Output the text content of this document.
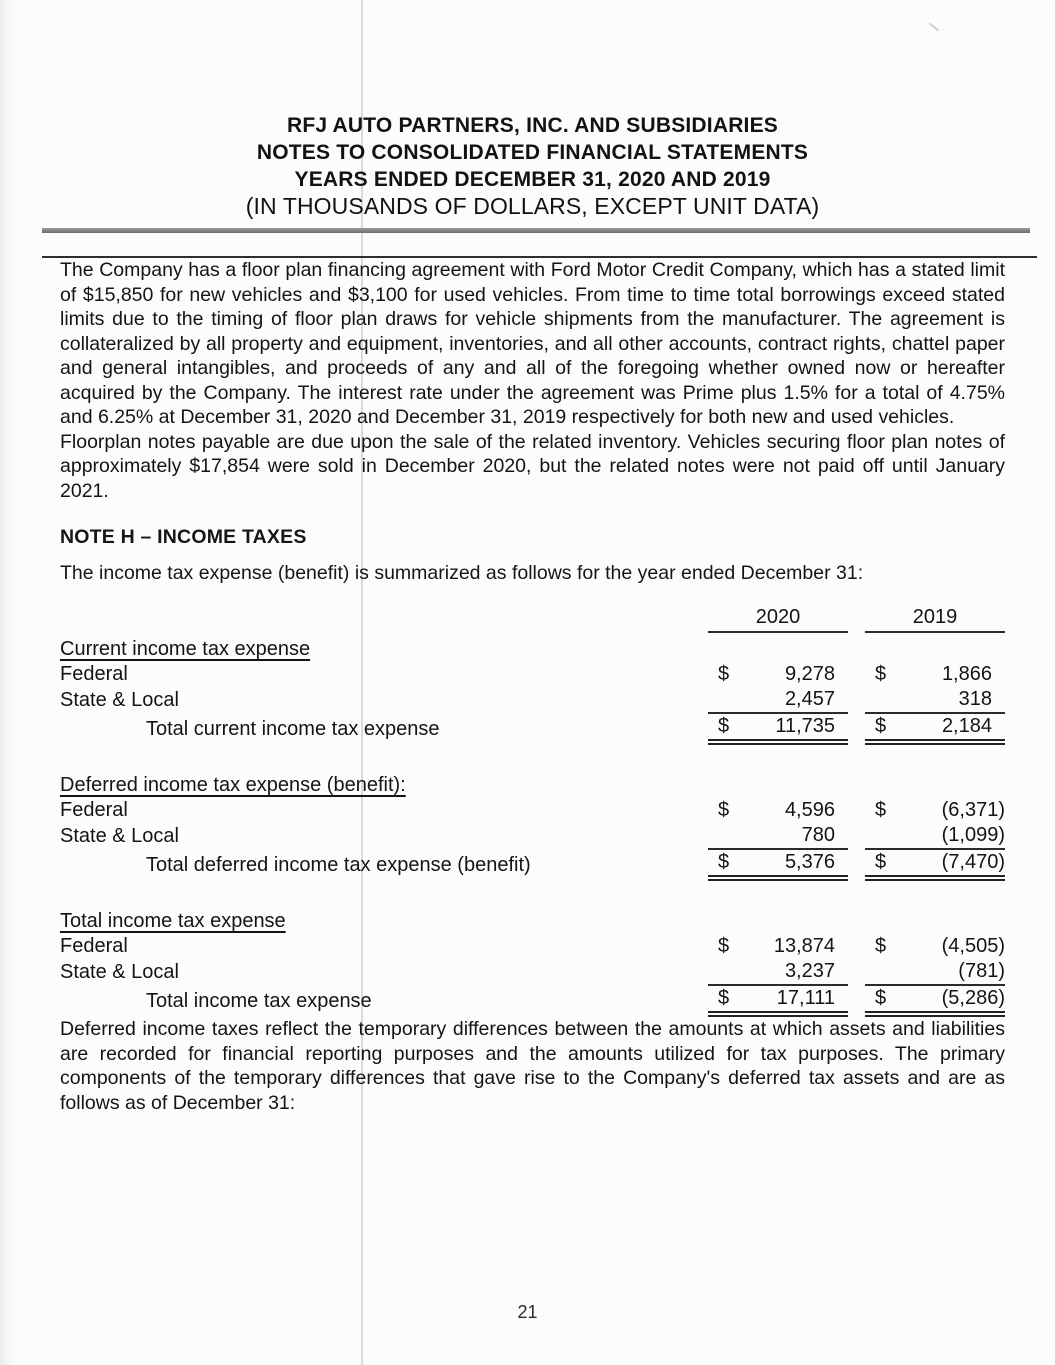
RFJ AUTO PARTNERS, INC. AND SUBSIDIARIES
NOTES TO CONSOLIDATED FINANCIAL STATEMENTS
YEARS ENDED DECEMBER 31, 2020 AND 2019
(IN THOUSANDS OF DOLLARS, EXCEPT UNIT DATA)

The Company has a floor plan financing agreement with Ford Motor Credit Company, which has a stated limit of $15,850 for new vehicles and $3,100 for used vehicles. From time to time total borrowings exceed stated limits due to the timing of floor plan draws for vehicle shipments from the manufacturer. The agreement is collateralized by all property and equipment, inventories, and all other accounts, contract rights, chattel paper and general intangibles, and proceeds of any and all of the foregoing whether owned now or hereafter acquired by the Company. The interest rate under the agreement was Prime plus 1.5% for a total of 4.75% and 6.25% at December 31, 2020 and December 31, 2019 respectively for both new and used vehicles.

Floorplan notes payable are due upon the sale of the related inventory. Vehicles securing floor plan notes of approximately $17,854 were sold in December 2020, but the related notes were not paid off until January 2021.

NOTE H – INCOME TAXES
The income tax expense (benefit) is summarized as follows for the year ended December 31:
	2020		2019
Current income tax expense			
Federal	$ 9,278		$ 1,866
State & Local	2,457		318
Total current income tax expense	$ 11,735		$ 2,184

Deferred income tax expense (benefit):			
Federal	$ 4,596		$ (6,371)
State & Local	780		(1,099)
Total deferred income tax expense (benefit)	$ 5,376		$ (7,470)

Total income tax expense			
Federal	$ 13,874		$ (4,505)
State & Local	3,237		(781)
Total income tax expense	$ 17,111		$ (5,286)

Deferred income taxes reflect the temporary differences between the amounts at which assets and liabilities are recorded for financial reporting purposes and the amounts utilized for tax purposes. The primary components of the temporary differences that gave rise to the Company's deferred tax assets and are as follows as of December 31:

21
